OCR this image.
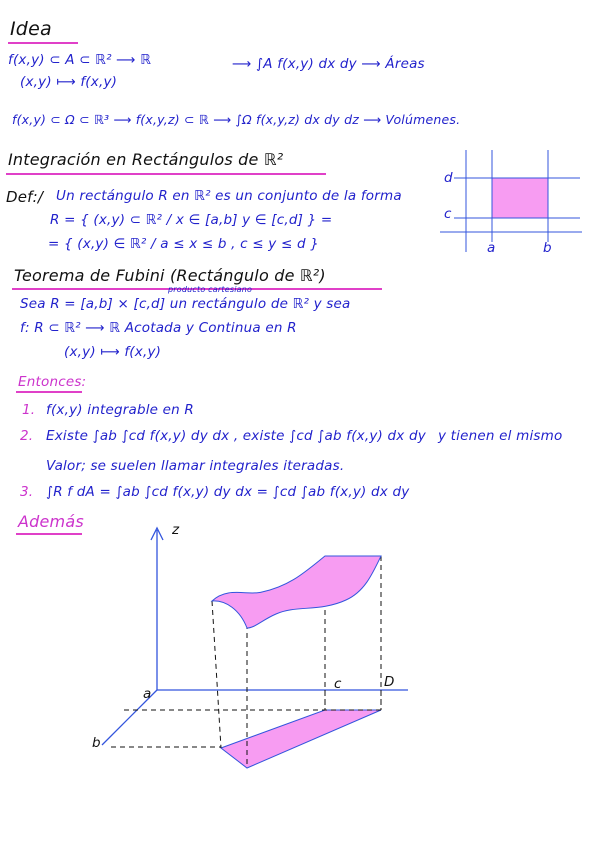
Idea
f(x,y) ⊂ A ⊂ ℝ² ⟶ ℝ
(x,y) ⟼ f(x,y)
⟶ ∫A f(x,y) dx dy ⟶ Áreas
f(x,y) ⊂ Ω ⊂ ℝ³ ⟶ f(x,y,z) ⊂ ℝ ⟶ ∫Ω f(x,y,z) dx dy dz ⟶ Volúmenes.
Integración en Rectángulos de ℝ²
Def:/ Un rectángulo R en ℝ² es un conjunto de la forma
R = { (x,y) ⊂ ℝ² / x ∈ [a,b] y ∈ [c,d] } =
= { (x,y) ∈ ℝ² / a ≤ x ≤ b , c ≤ y ≤ d }
d
c
a	b
Teorema de Fubini (Rectángulo de ℝ²)
producto cartesiano
Sea R = [a,b] × [c,d] un rectángulo de ℝ² y sea
f: R ⊂ ℝ² ⟶ ℝ Acotada y Continua en R
(x,y) ⟼ f(x,y)
Entonces:
1. f(x,y) integrable en R
2. Existe ∫ab ∫cd f(x,y) dy dx , existe ∫cd ∫ab f(x,y) dx dy y tienen el mismo
Valor; se suelen llamar integrales iteradas.
3. ∫R f dA = ∫ab ∫cd f(x,y) dy dx = ∫cd ∫ab f(x,y) dx dy
Además	z
a
b
c	D
